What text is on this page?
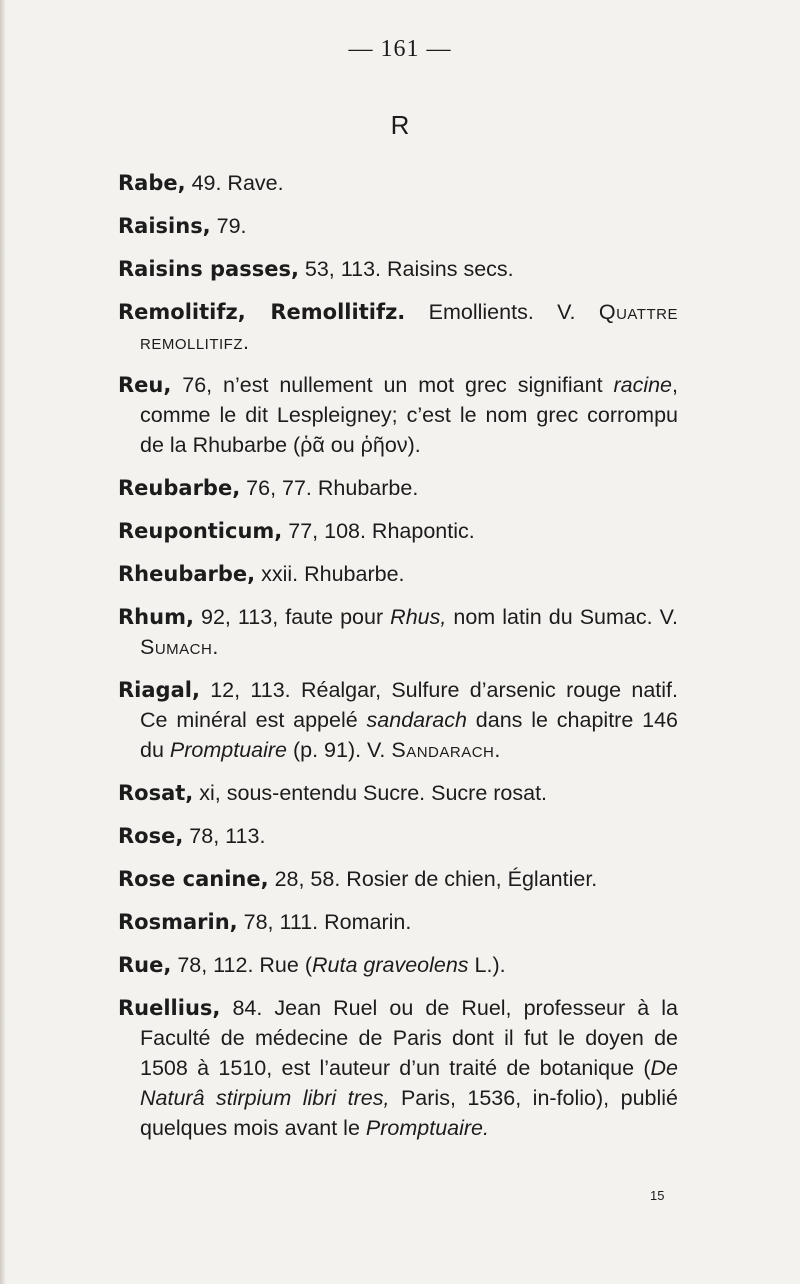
— 161 —
R

Rabe, 49. Rave.

Raisins, 79.

Raisins passes, 53, 113. Raisins secs.

Remolitifz, Remollitifz. Emollients. V. Quattre remollitifz.

Reu, 76, n’est nullement un mot grec signifiant racine, comme le dit Lespleigney; c’est le nom grec corrompu de la Rhubarbe (ῥᾶ ou ῥῆον).

Reubarbe, 76, 77. Rhubarbe.

Reuponticum, 77, 108. Rhapontic.

Rheubarbe, xxii. Rhubarbe.

Rhum, 92, 113, faute pour Rhus, nom latin du Sumac. V. Sumach.

Riagal, 12, 113. Réalgar, Sulfure d’arsenic rouge natif. Ce minéral est appelé sandarach dans le chapitre 146 du Promptuaire (p. 91). V. Sandarach.

Rosat, xi, sous-entendu Sucre. Sucre rosat.

Rose, 78, 113.

Rose canine, 28, 58. Rosier de chien, Églantier.

Rosmarin, 78, 111. Romarin.

Rue, 78, 112. Rue (Ruta graveolens L.).

Ruellius, 84. Jean Ruel ou de Ruel, professeur à la Faculté de médecine de Paris dont il fut le doyen de 1508 à 1510, est l’auteur d’un traité de botanique (De Naturâ stirpium libri tres, Paris, 1536, in-folio), publié quelques mois avant le Promptuaire.

15
